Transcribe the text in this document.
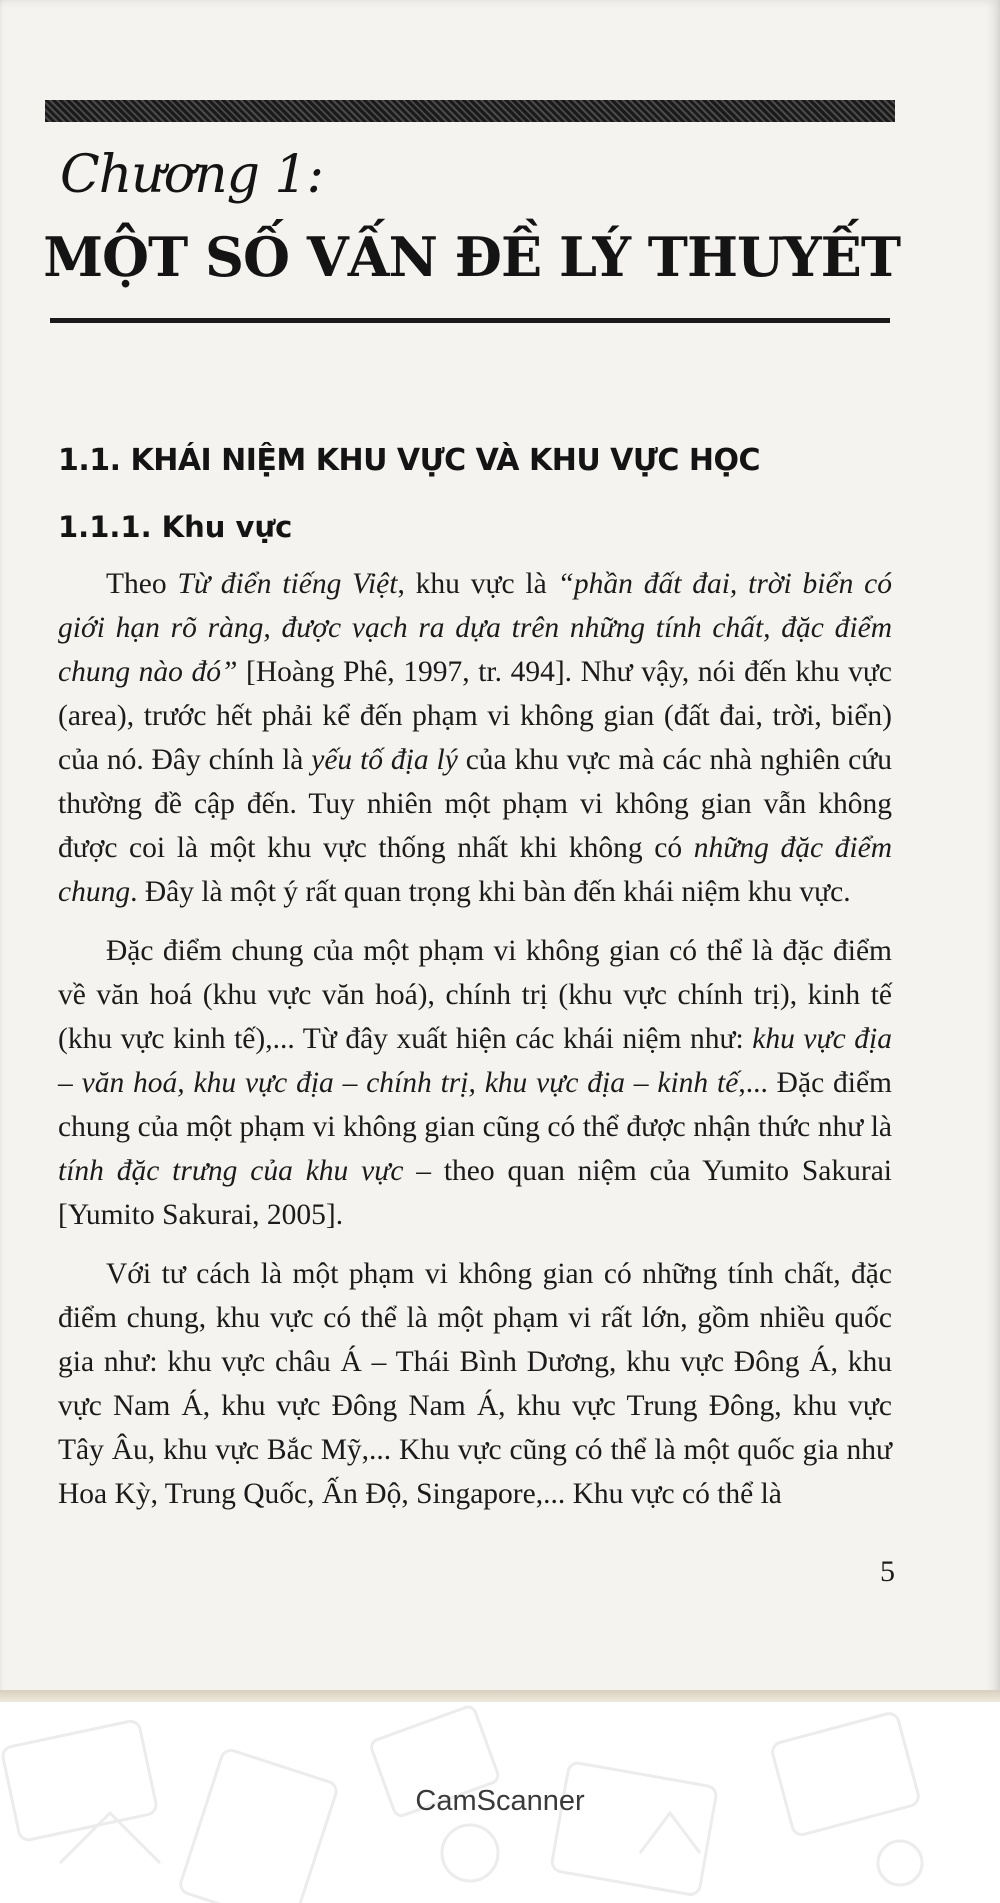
Chương 1:
MỘT SỐ VẤN ĐỀ LÝ THUYẾT
1.1. KHÁI NIỆM KHU VỰC VÀ KHU VỰC HỌC
1.1.1. Khu vực

Theo Từ điển tiếng Việt, khu vực là “phần đất đai, trời biển có giới hạn rõ ràng, được vạch ra dựa trên những tính chất, đặc điểm chung nào đó” [Hoàng Phê, 1997, tr. 494]. Như vậy, nói đến khu vực (area), trước hết phải kể đến phạm vi không gian (đất đai, trời, biển) của nó. Đây chính là yếu tố địa lý của khu vực mà các nhà nghiên cứu thường đề cập đến. Tuy nhiên một phạm vi không gian vẫn không được coi là một khu vực thống nhất khi không có những đặc điểm chung. Đây là một ý rất quan trọng khi bàn đến khái niệm khu vực.

Đặc điểm chung của một phạm vi không gian có thể là đặc điểm về văn hoá (khu vực văn hoá), chính trị (khu vực chính trị), kinh tế (khu vực kinh tế),... Từ đây xuất hiện các khái niệm như: khu vực địa – văn hoá, khu vực địa – chính trị, khu vực địa – kinh tế,... Đặc điểm chung của một phạm vi không gian cũng có thể được nhận thức như là tính đặc trưng của khu vực – theo quan niệm của Yumito Sakurai [Yumito Sakurai, 2005].

Với tư cách là một phạm vi không gian có những tính chất, đặc điểm chung, khu vực có thể là một phạm vi rất lớn, gồm nhiều quốc gia như: khu vực châu Á – Thái Bình Dương, khu vực Đông Á, khu vực Nam Á, khu vực Đông Nam Á, khu vực Trung Đông, khu vực Tây Âu, khu vực Bắc Mỹ,... Khu vực cũng có thể là một quốc gia như Hoa Kỳ, Trung Quốc, Ấn Độ, Singapore,... Khu vực có thể là

5
CamScanner
